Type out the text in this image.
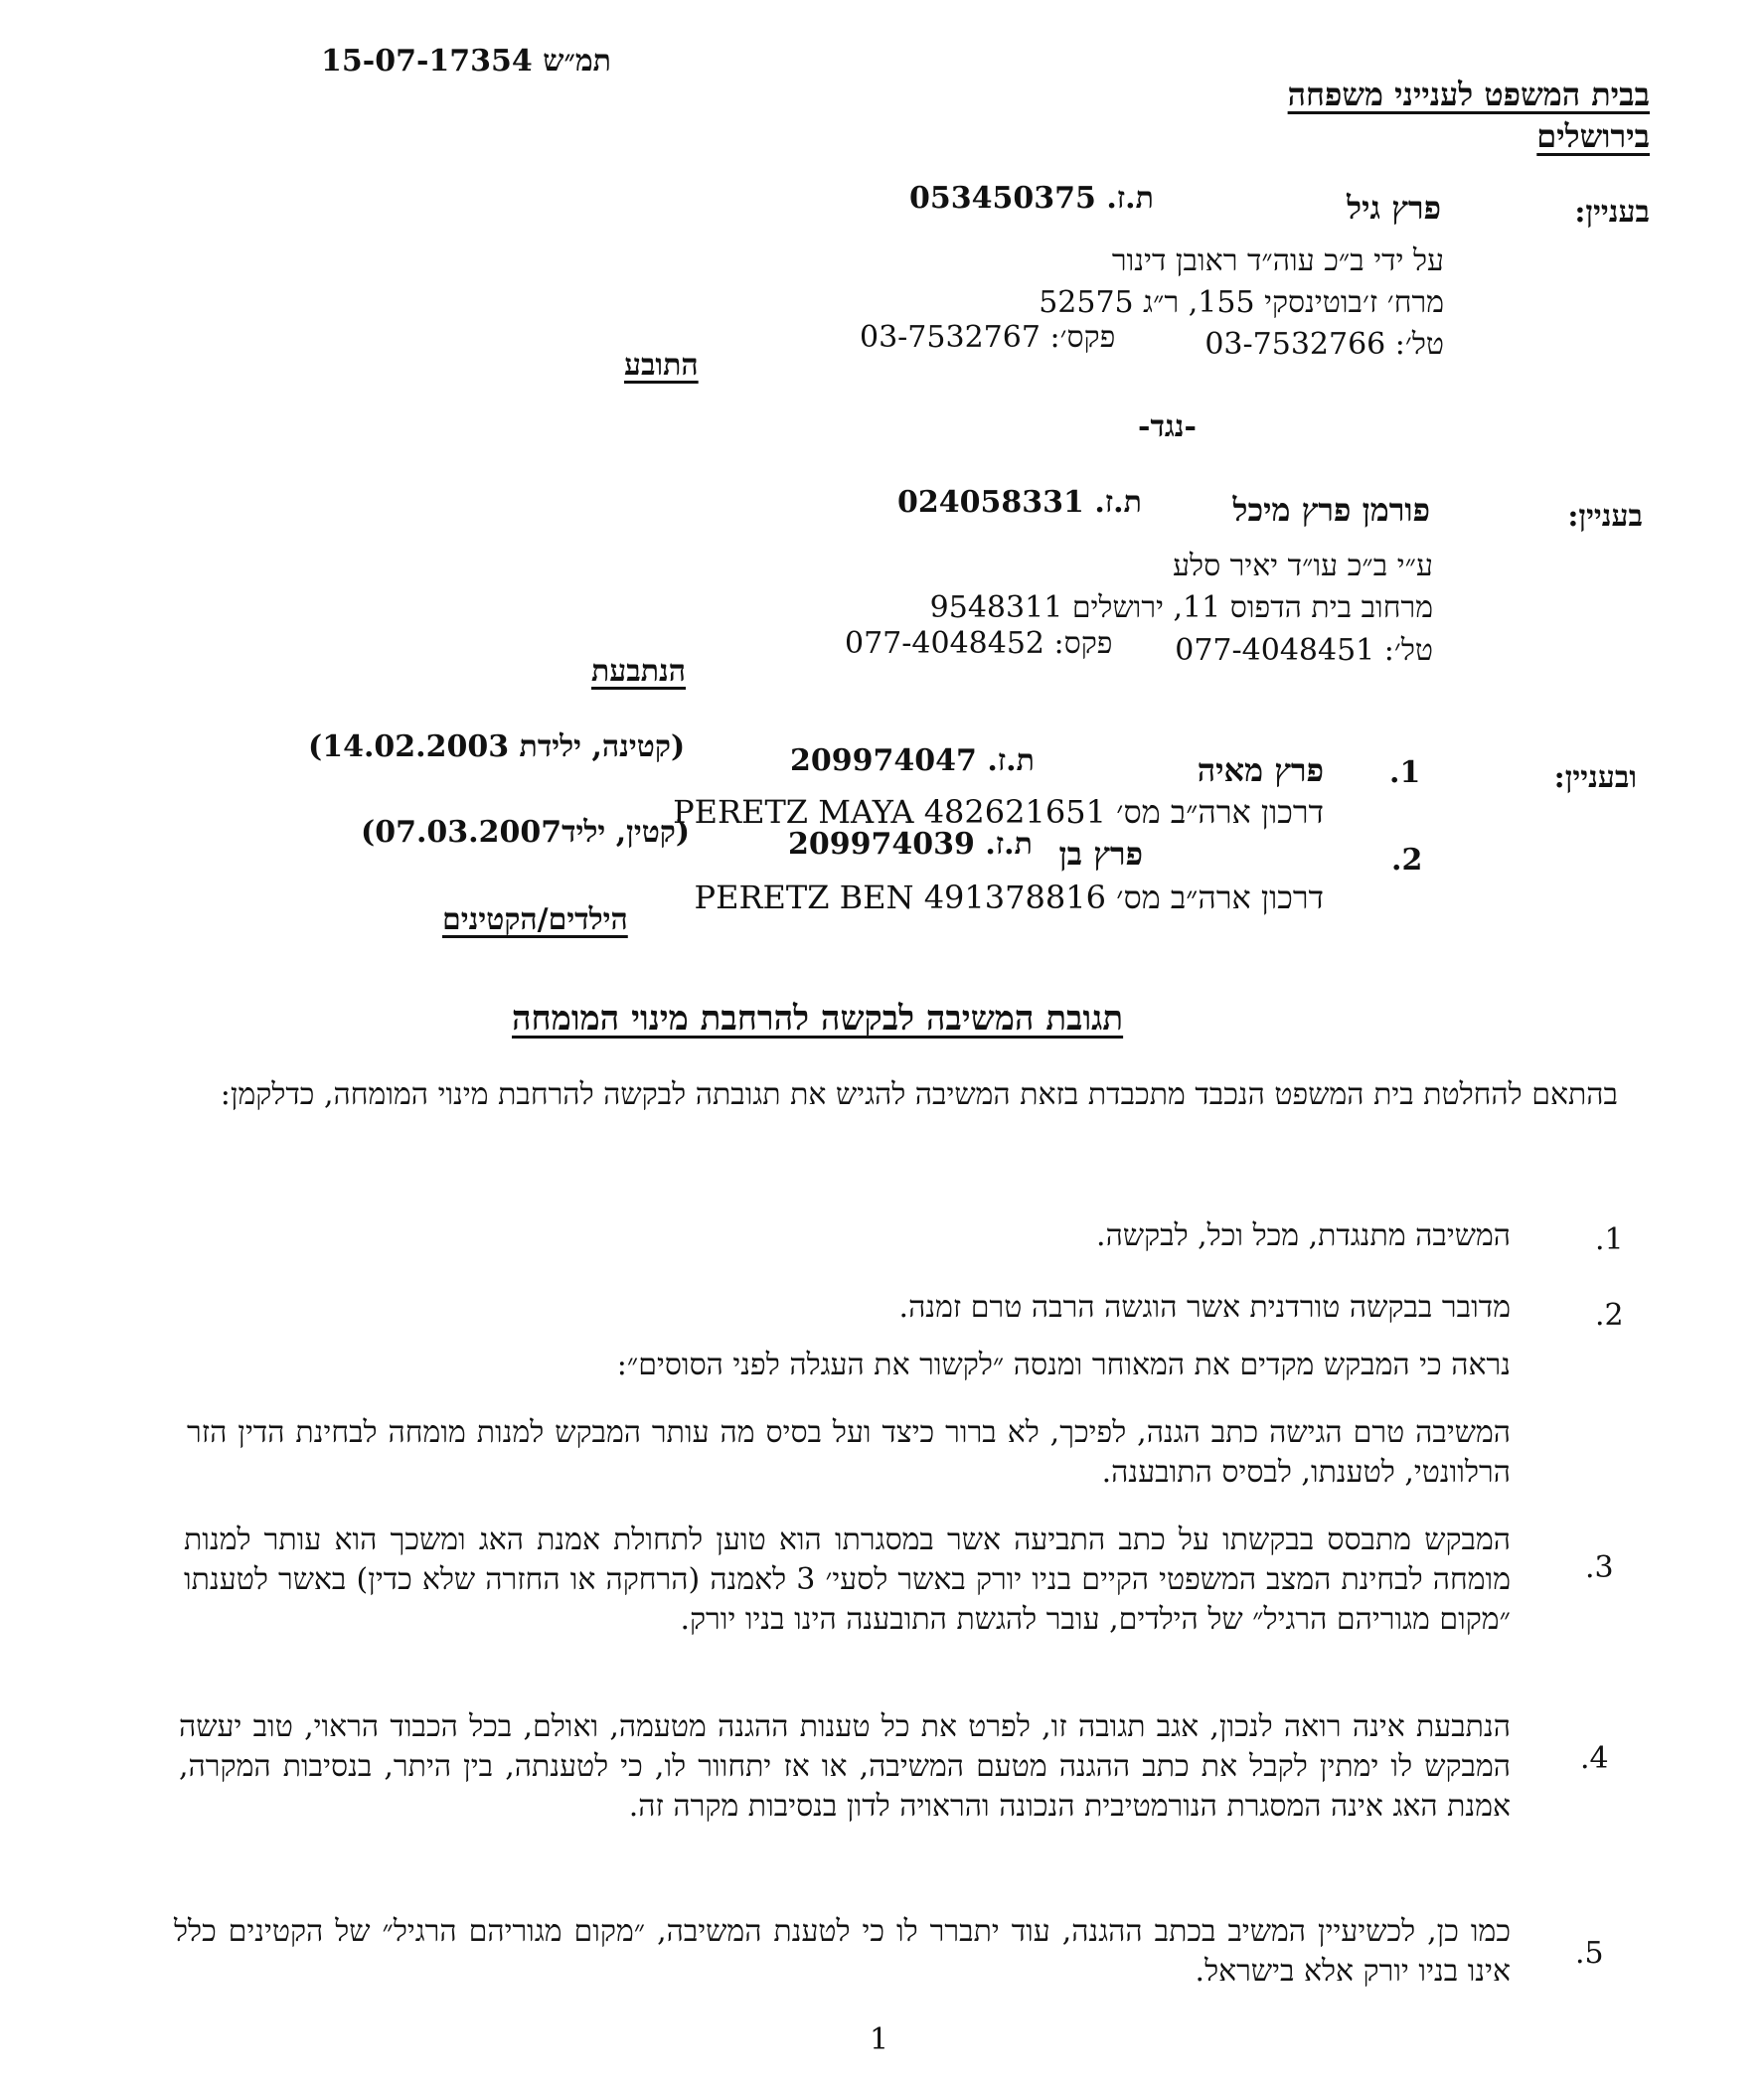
תמ״ש 15-07-17354
בבית המשפט לענייני משפחה
בירושלים
בעניין:
פרץ גיל
ת.ז. 053450375
על ידי ב״כ עוה״ד ראובן דינור
מרח׳ ז׳בוטינסקי 155, ר״ג 52575
טל׳: 03-7532766
פקס׳: 03-7532767
התובע
-נגד-
בעניין:
פורמן פרץ מיכל
ת.ז. 024058331
ע״י ב״כ עו״ד יאיר סלע
מרחוב בית הדפוס 11, ירושלים 9548311
טל׳: 077-4048451
פקס: 077-4048452
הנתבעת
ובעניין:
.1
פרץ מאיה
ת.ז. 209974047
(קטינה, ילידת 14.02.2003)
PERETZ MAYA דרכון ארה״ב מס׳ 482621651
.2
פרץ בן
ת.ז. 209974039
(קטין, יליד07.03.2007)
PERETZ BEN דרכון ארה״ב מס׳ 491378816
הילדים/הקטינים
תגובת המשיבה לבקשה להרחבת מינוי המומחה
בהתאם להחלטת בית המשפט הנכבד מתכבדת בזאת המשיבה להגיש את תגובתה לבקשה להרחבת מינוי המומחה, כדלקמן:
.1
המשיבה מתנגדת, מכל וכל, לבקשה.
.2
מדובר בבקשה טורדנית אשר הוגשה הרבה טרם זמנה.
נראה כי המבקש מקדים את המאוחר ומנסה ״לקשור את העגלה לפני הסוסים״:
המשיבה טרם הגישה כתב הגנה, לפיכך, לא ברור כיצד ועל בסיס מה עותר המבקש למנות מומחה לבחינת הדין הזר הרלוונטי, לטענתו, לבסיס התובענה.
.3
המבקש מתבסס בבקשתו על כתב התביעה אשר במסגרתו הוא טוען לתחולת אמנת האג ומשכך הוא עותר למנות מומחה לבחינת המצב המשפטי הקיים בניו יורק באשר לסעי׳ 3 לאמנה (הרחקה או החזרה שלא כדין) באשר לטענתו ״מקום מגוריהם הרגיל״ של הילדים, עובר להגשת התובענה הינו בניו יורק.
.4
הנתבעת אינה רואה לנכון, אגב תגובה זו, לפרט את כל טענות ההגנה מטעמה, ואולם, בכל הכבוד הראוי, טוב יעשה המבקש לו ימתין לקבל את כתב ההגנה מטעם המשיבה, או אז יתחוור לו, כי לטענתה, בין היתר, בנסיבות המקרה, אמנת האג אינה המסגרת הנורמטיבית הנכונה והראויה לדון בנסיבות מקרה זה.
.5
כמו כן, לכשיעיין המשיב בכתב ההגנה, עוד יתברר לו כי לטענת המשיבה, ״מקום מגוריהם הרגיל״ של הקטינים כלל אינו בניו יורק אלא בישראל.
1
